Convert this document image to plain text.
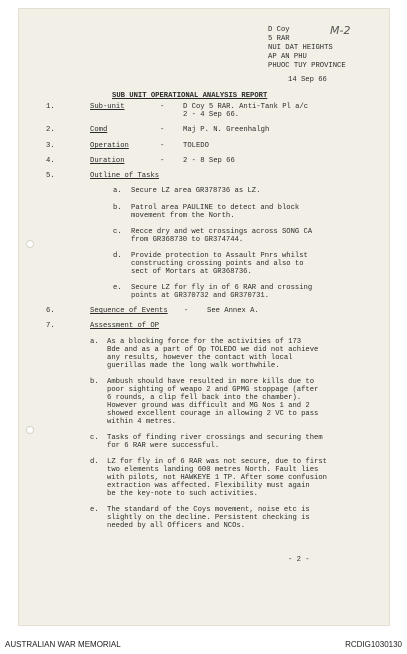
M-2
D Coy
5 RAR
NUI DAT HEIGHTS
AP AN PHU
PHUOC TUY PROVINCE
14 Sep 66
SUB UNIT OPERATIONAL ANALYSIS REPORT
1.	Sub-unit	-	D Coy 5 RAR. Anti-Tank Pl a/c
2 - 4 Sep 66.
2.	Comd	-	Maj P. N. Greenhalgh
3.	Operation	-	TOLEDO
4.	Duration	-	2 - 8 Sep 66
5.	Outline of Tasks
a. Secure LZ area GR378736 as LZ.
b. Patrol area PAULINE to detect and block
movement from the North.
c. Recce dry and wet crossings across SONG CA
from GR368730 to GR374744.
d. Provide protection to Assault Pnrs whilst
constructing crossing points and also to
sect of Mortars at GR368736.
e. Secure LZ for fly in of 6 RAR and crossing
points at GR370732 and GR370731.
6.	Sequence of Events -	See Annex A.
7.	Assessment of OP
a. As a blocking force for the activities of 173
Bde and as a part of Op TOLEDO we did not achieve
any results, however the contact with local
guerillas made the long walk worthwhile.
b. Ambush should have resulted in more kills due to
poor sighting of weapo 2 and GPMG stoppage (after
6 rounds, a clip fell back into the chamber).
However ground was difficult and MG Nos 1 and 2
showed excellent courage in allowing 2 VC to pass
within 4 metres.
c. Tasks of finding river crossings and securing them
for 6 RAR were successful.
d. LZ for fly in of 6 RAR was not secure, due to first
two elements landing 600 metres North. Fault lies
with pilots, not HAWKEYE 1 TP. After some confusion
extraction was affected. Flexibility must again
be the key-note to such activities.
e. The standard of the Coys movement, noise etc is
slightly on the decline. Persistent checking is
needed by all Officers and NCOs.
- 2 -
AUSTRALIAN WAR MEMORIAL	RCDIG1030130
